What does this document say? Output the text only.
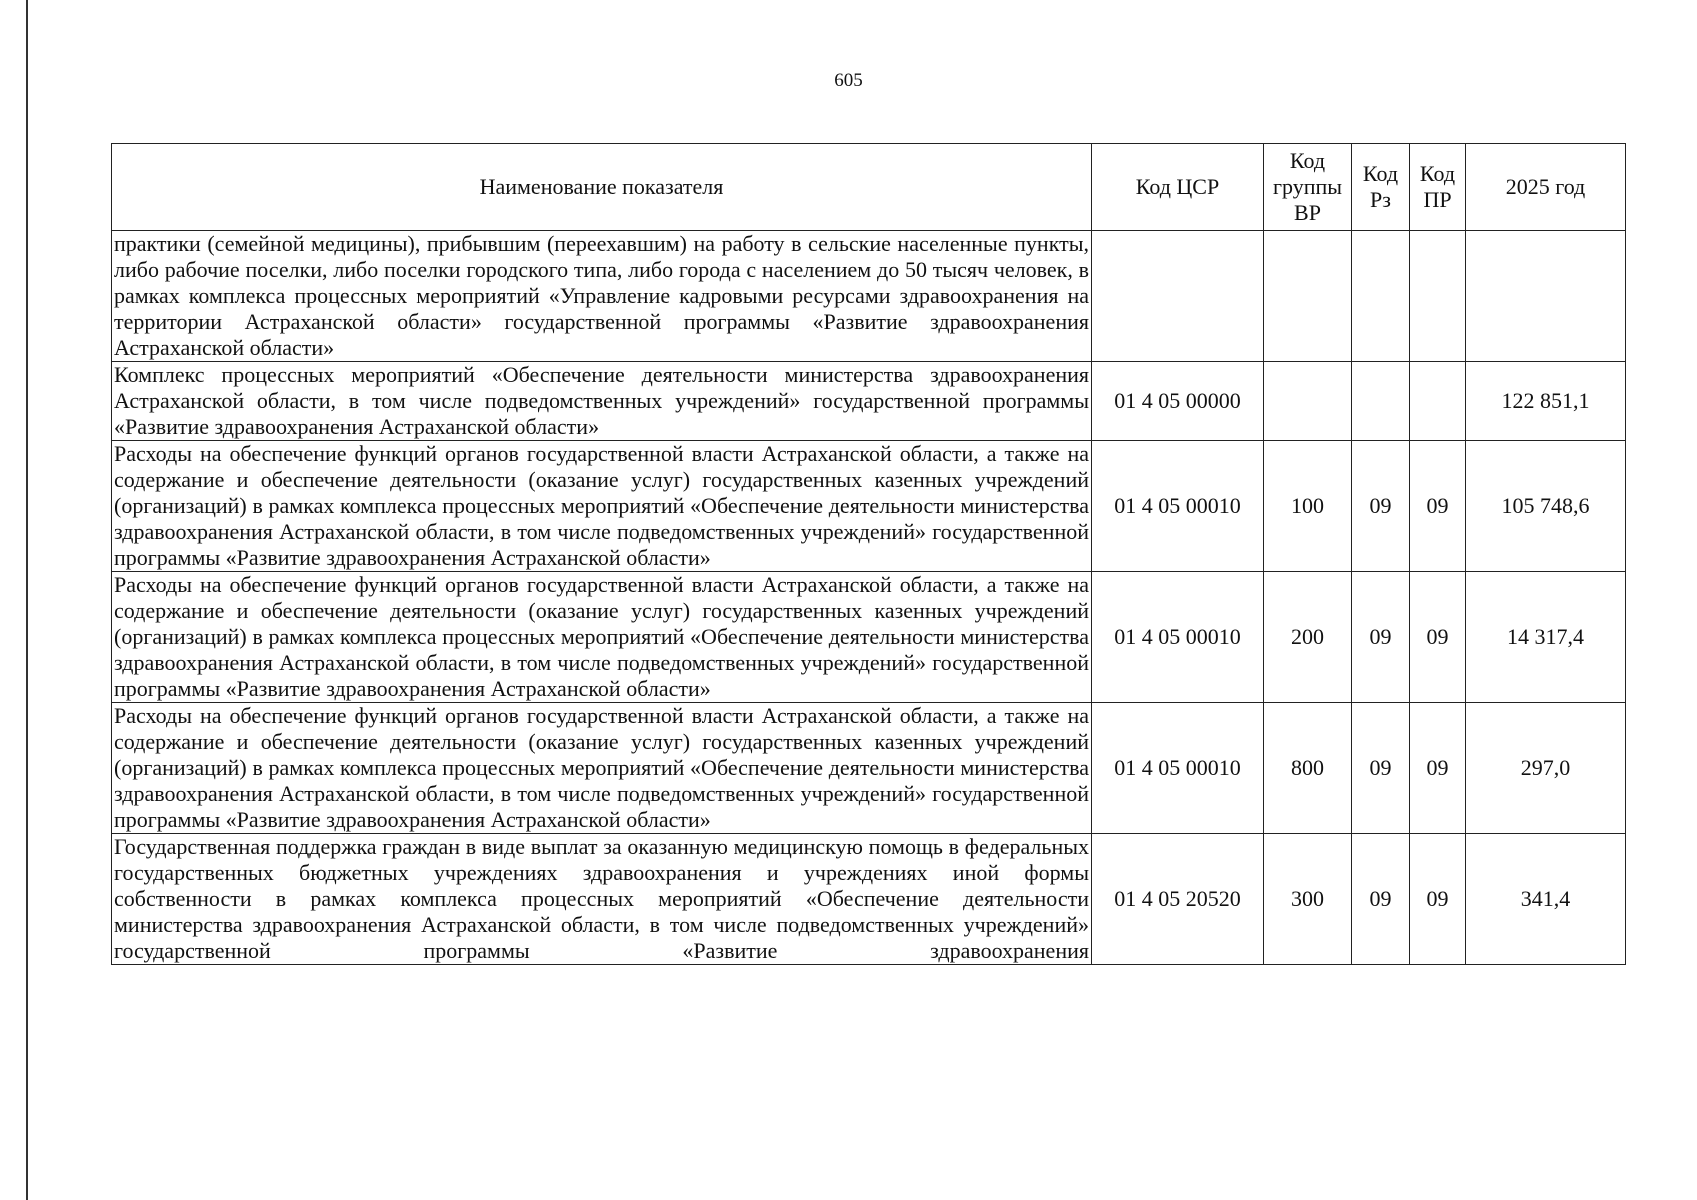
605
Наименование показателя	Код ЦСР	Код группы ВР	Код Рз	Код ПР	2025 год
практики (семейной медицины), прибывшим (переехавшим) на работу в сельские населенные пункты, либо рабочие поселки, либо поселки городского типа, либо города с населением до 50 тысяч человек, в рамках комплекса процессных мероприятий «Управление кадровыми ресурсами здравоохранения на территории Астраханской области» государственной программы «Развитие здравоохранения Астраханской области»					
Комплекс процессных мероприятий «Обеспечение деятельности министерства здравоохранения Астраханской области, в том числе подведомственных учреждений» государственной программы «Развитие здравоохранения Астраханской области»	01 4 05 00000				122 851,1
Расходы на обеспечение функций органов государственной власти Астраханской области, а также на содержание и обеспечение деятельности (оказание услуг) государственных казенных учреждений (организаций) в рамках комплекса процессных мероприятий «Обеспечение деятельности министерства здравоохранения Астраханской области, в том числе подведомственных учреждений» государственной программы «Развитие здравоохранения Астраханской области»	01 4 05 00010	100	09	09	105 748,6
Расходы на обеспечение функций органов государственной власти Астраханской области, а также на содержание и обеспечение деятельности (оказание услуг) государственных казенных учреждений (организаций) в рамках комплекса процессных мероприятий «Обеспечение деятельности министерства здравоохранения Астраханской области, в том числе подведомственных учреждений» государственной программы «Развитие здравоохранения Астраханской области»	01 4 05 00010	200	09	09	14 317,4
Расходы на обеспечение функций органов государственной власти Астраханской области, а также на содержание и обеспечение деятельности (оказание услуг) государственных казенных учреждений (организаций) в рамках комплекса процессных мероприятий «Обеспечение деятельности министерства здравоохранения Астраханской области, в том числе подведомственных учреждений» государственной программы «Развитие здравоохранения Астраханской области»	01 4 05 00010	800	09	09	297,0
Государственная поддержка граждан в виде выплат за оказанную медицинскую помощь в федеральных государственных бюджетных учреждениях здравоохранения и учреждениях иной формы собственности в рамках комплекса процессных мероприятий «Обеспечение деятельности министерства здравоохранения Астраханской области, в том числе подведомственных учреждений» государственной программы «Развитие здравоохранения	01 4 05 20520	300	09	09	341,4
